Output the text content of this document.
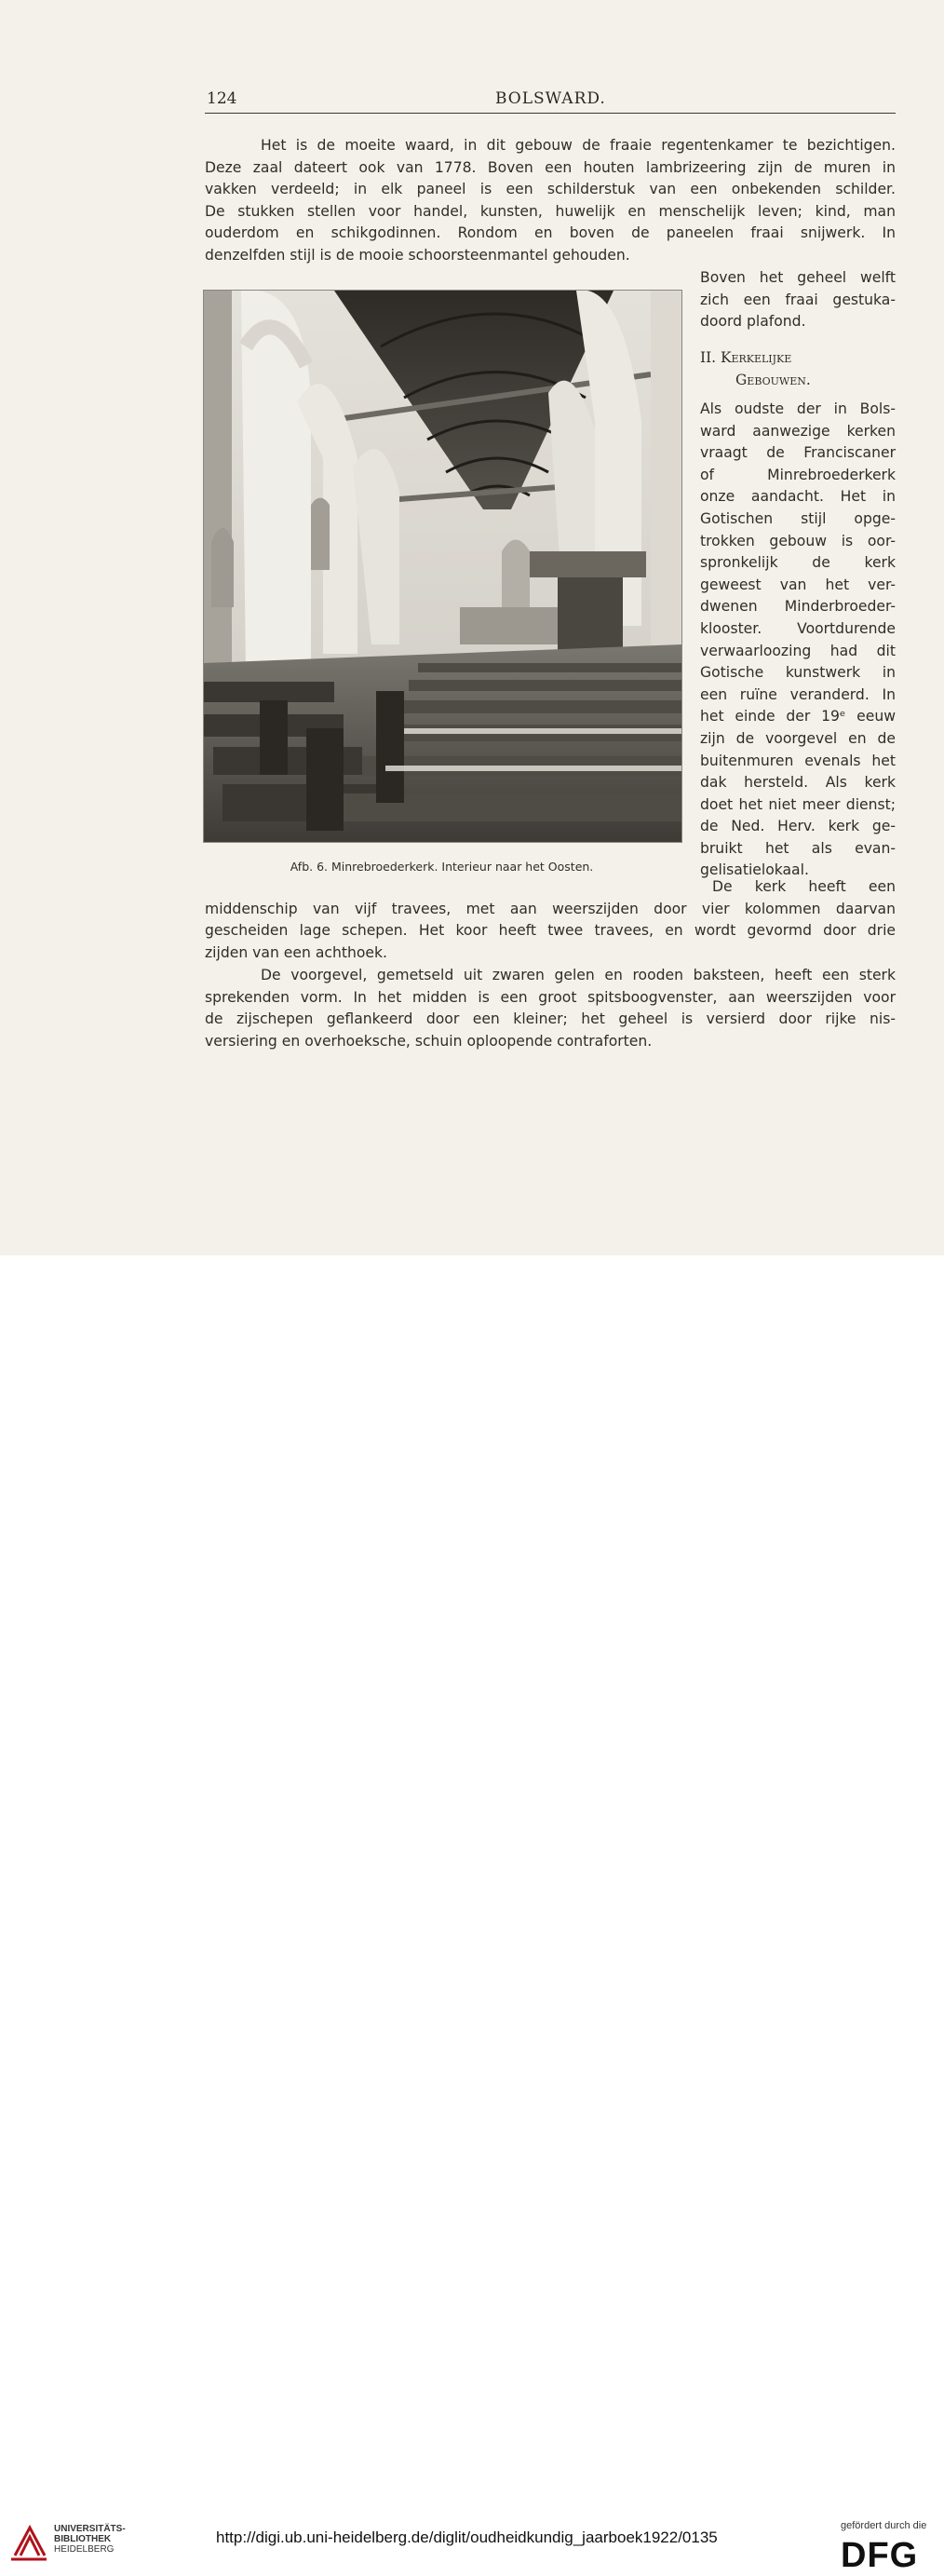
124	BOLSWARD.
Het is de moeite waard, in dit gebouw de fraaie regentenkamer te bezichtigen.
Deze zaal dateert ook van 1778. Boven een houten lambrizeering zijn de muren in
vakken verdeeld; in elk paneel is een schilderstuk van een onbekenden schilder.
De stukken stellen voor handel, kunsten, huwelijk en menschelijk leven; kind, man
ouderdom en schikgodinnen. Rondom en boven de paneelen fraai snijwerk. In
denzelfden stijl is de mooie schoorsteenmantel gehouden.
Boven het geheel welft
zich een fraai gestuka-
doord plafond.
II. Kerkelijke
Gebouwen.
Als oudste der in Bols-
ward aanwezige kerken
vraagt de Franciscaner
of Minrebroederkerk
onze aandacht. Het in
Gotischen stijl opge-
trokken gebouw is oor-
spronkelijk de kerk
geweest van het ver-
dwenen Minderbroeder-
klooster. Voortdurende
verwaarloozing had dit
Gotische kunstwerk in
een ruïne veranderd. In
het einde der 19ᵉ eeuw
zijn de voorgevel en de
buitenmuren evenals het
dak hersteld. Als kerk
doet het niet meer dienst;
de Ned. Herv. kerk ge-
bruikt het als evan-
gelisatielokaal.
De kerk heeft een
middenschip van vijf travees, met aan weerszijden door vier kolommen daarvan
gescheiden lage schepen. Het koor heeft twee travees, en wordt gevormd door drie
zijden van een achthoek.
De voorgevel, gemetseld uit zwaren gelen en rooden baksteen, heeft een sterk
sprekenden vorm. In het midden is een groot spitsboogvenster, aan weerszijden voor
de zijschepen geflankeerd door een kleiner; het geheel is versierd door rijke nis-
versiering en overhoeksche, schuin oploopende contraforten.
Afb. 6. Minrebroederkerk. Interieur naar het Oosten.
UNIVERSITÄTS-
BIBLIOTHEK
HEIDELBERG
http://digi.ub.uni-heidelberg.de/diglit/oudheidkundig_jaarboek1922/0135
gefördert durch die
DFG
